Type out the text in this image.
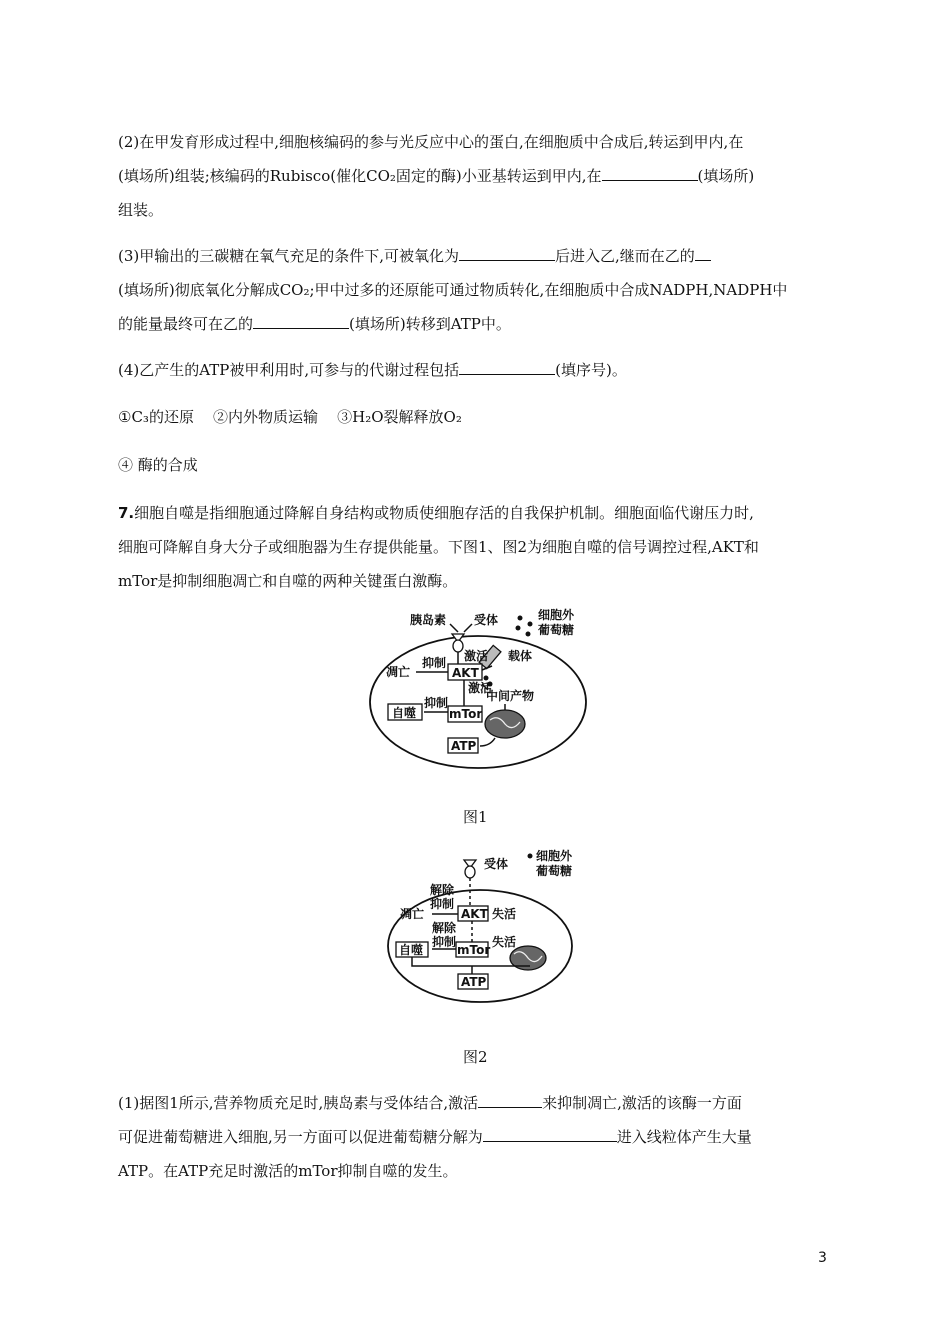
(2)在甲发育形成过程中,细胞核编码的参与光反应中心的蛋白,在细胞质中合成后,转运到甲内,在
(填场所)组装;核编码的Rubisco(催化CO₂固定的酶)小亚基转运到甲内,在	(填场所)
组装。
(3)甲输出的三碳糖在氧气充足的条件下,可被氧化为	后进入乙,继而在乙的
(填场所)彻底氧化分解成CO₂;甲中过多的还原能可通过物质转化,在细胞质中合成NADPH,NADPH中
的能量最终可在乙的	(填场所)转移到ATP中。
(4)乙产生的ATP被甲利用时,可参与的代谢过程包括	(填序号)。
①C₃的还原 ②内外物质运输 ③H₂O裂解释放O₂
④ 酶的合成
7.细胞自噬是指细胞通过降解自身结构或物质使细胞存活的自我保护机制。细胞面临代谢压力时,
细胞可降解自身大分子或细胞器为生存提供能量。下图1、图2为细胞自噬的信号调控过程,AKT和
mTor是抑制细胞凋亡和自噬的两种关键蛋白激酶。
胰岛素 受体	细胞外
葡萄糖
载体
激活
AKT
抑制
凋亡
激活
中间产物
mTor
抑制
自噬
ATP
图1
受体
细胞外
葡萄糖
解除
抑制
AKT 失活
凋亡
解除
抑制
mTor
失活
自噬
ATP
图2
(1)据图1所示,营养物质充足时,胰岛素与受体结合,激活	来抑制凋亡,激活的该酶一方面
可促进葡萄糖进入细胞,另一方面可以促进葡萄糖分解为	进入线粒体产生大量
ATP。在ATP充足时激活的mTor抑制自噬的发生。
3
